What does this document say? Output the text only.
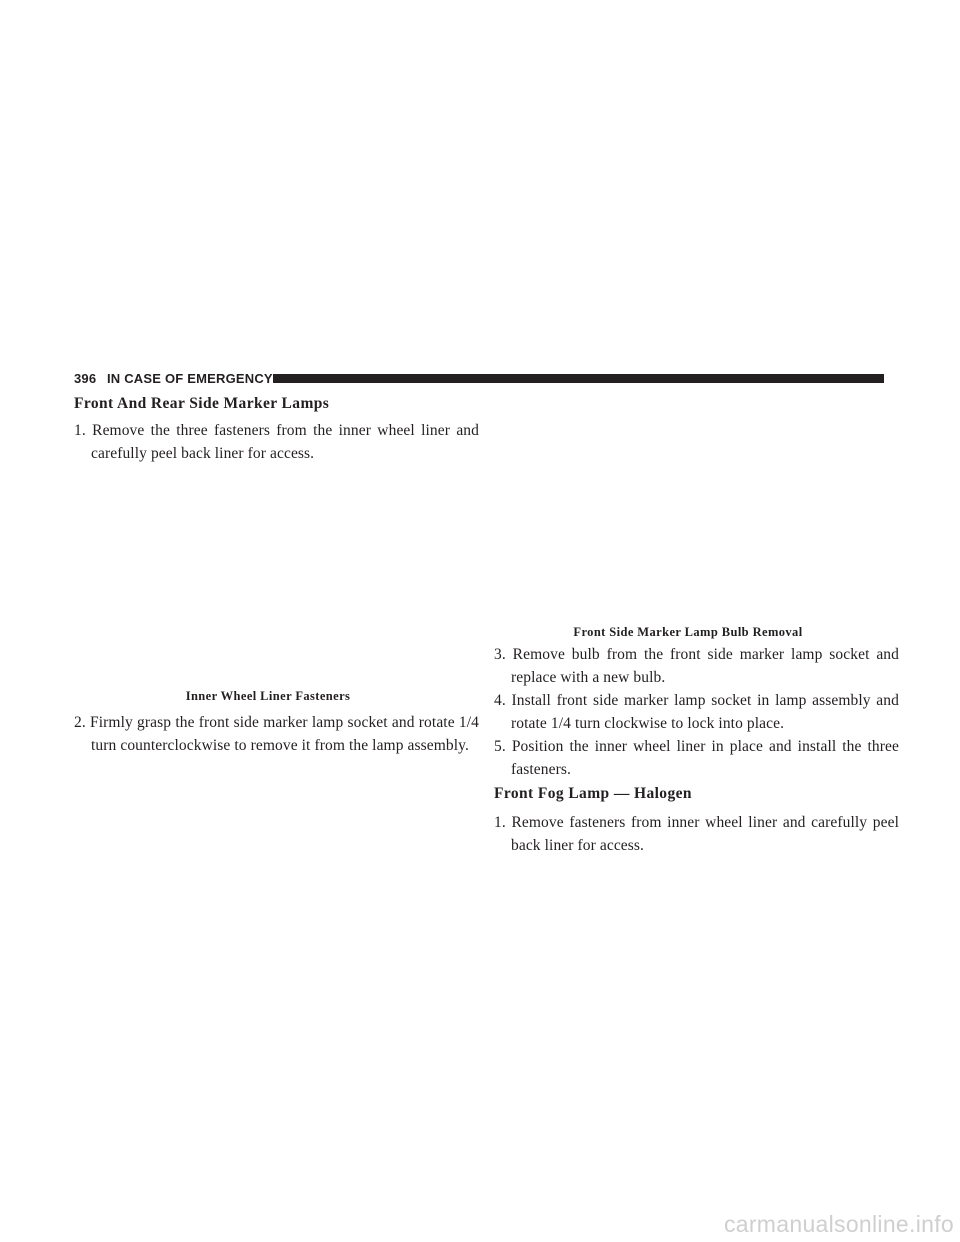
396 IN CASE OF EMERGENCY
Front And Rear Side Marker Lamps
1. Remove the three fasteners from the inner wheel liner and carefully peel back liner for access.
Inner Wheel Liner Fasteners
2. Firmly grasp the front side marker lamp socket and rotate 1/4 turn counterclockwise to remove it from the lamp assembly.
Front Side Marker Lamp Bulb Removal
3. Remove bulb from the front side marker lamp socket and replace with a new bulb.
4. Install front side marker lamp socket in lamp assembly and rotate 1/4 turn clockwise to lock into place.
5. Position the inner wheel liner in place and install the three fasteners.
Front Fog Lamp — Halogen
1. Remove fasteners from inner wheel liner and carefully peel back liner for access.
carmanualsonline.info
